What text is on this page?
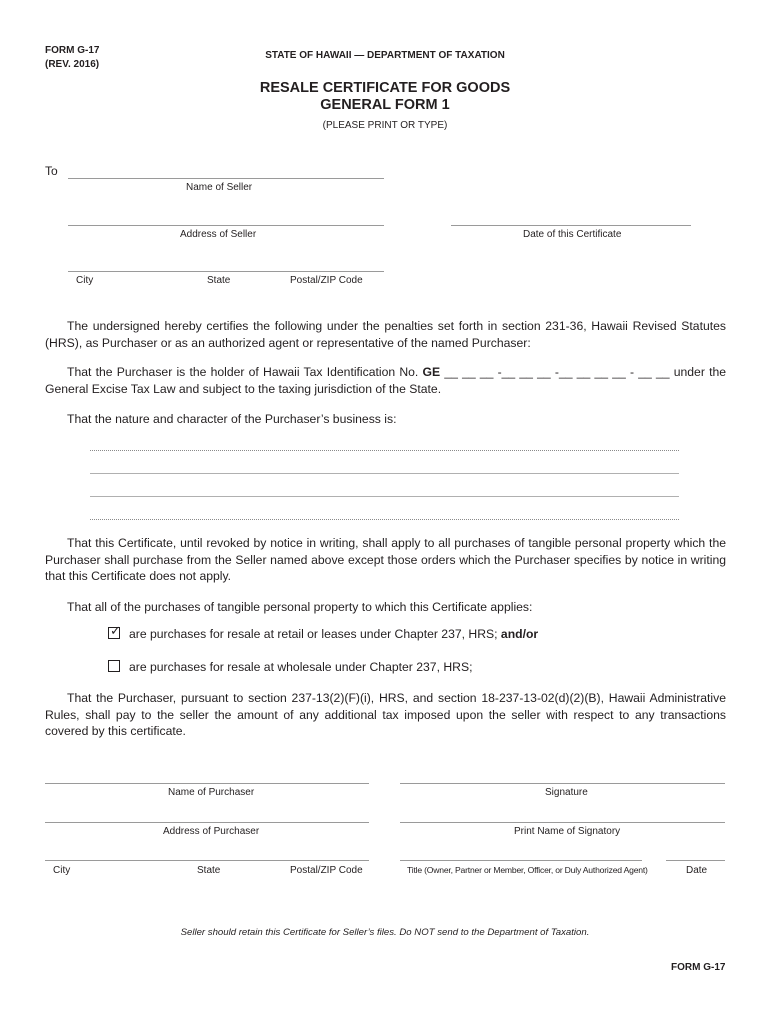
FORM G-17
(REV. 2016)
STATE OF HAWAII — DEPARTMENT OF TAXATION
RESALE CERTIFICATE FOR GOODS
GENERAL FORM 1
(PLEASE PRINT OR TYPE)
To
Name of Seller
Address of Seller	Date of this Certificate
City	State	Postal/ZIP Code
The undersigned hereby certifies the following under the penalties set forth in section 231-36, Hawaii Revised Statutes (HRS), as Purchaser or as an authorized agent or representative of the named Purchaser:
That the Purchaser is the holder of Hawaii Tax Identification No. GE __ __ __ -__ __ __ -__ __ __ __ - __ __ under the General Excise Tax Law and subject to the taxing jurisdiction of the State.
That the nature and character of the Purchaser’s business is:
That this Certificate, until revoked by notice in writing, shall apply to all purchases of tangible personal property which the Purchaser shall purchase from the Seller named above except those orders which the Purchaser specifies by notice in writing that this Certificate does not apply.
That all of the purchases of tangible personal property to which this Certificate applies:
✓ are purchases for resale at retail or leases under Chapter 237, HRS; and/or
are purchases for resale at wholesale under Chapter 237, HRS;
That the Purchaser, pursuant to section 237-13(2)(F)(i), HRS, and section 18-237-13-02(d)(2)(B), Hawaii Administrative Rules, shall pay to the seller the amount of any additional tax imposed upon the seller with respect to any transactions covered by this certificate.
Name of Purchaser	Signature
Address of Purchaser	Print Name of Signatory
City	State	Postal/ZIP Code	Title (Owner, Partner or Member, Officer, or Duly Authorized Agent)	Date
Seller should retain this Certificate for Seller’s files. Do NOT send to the Department of Taxation.
FORM G-17
